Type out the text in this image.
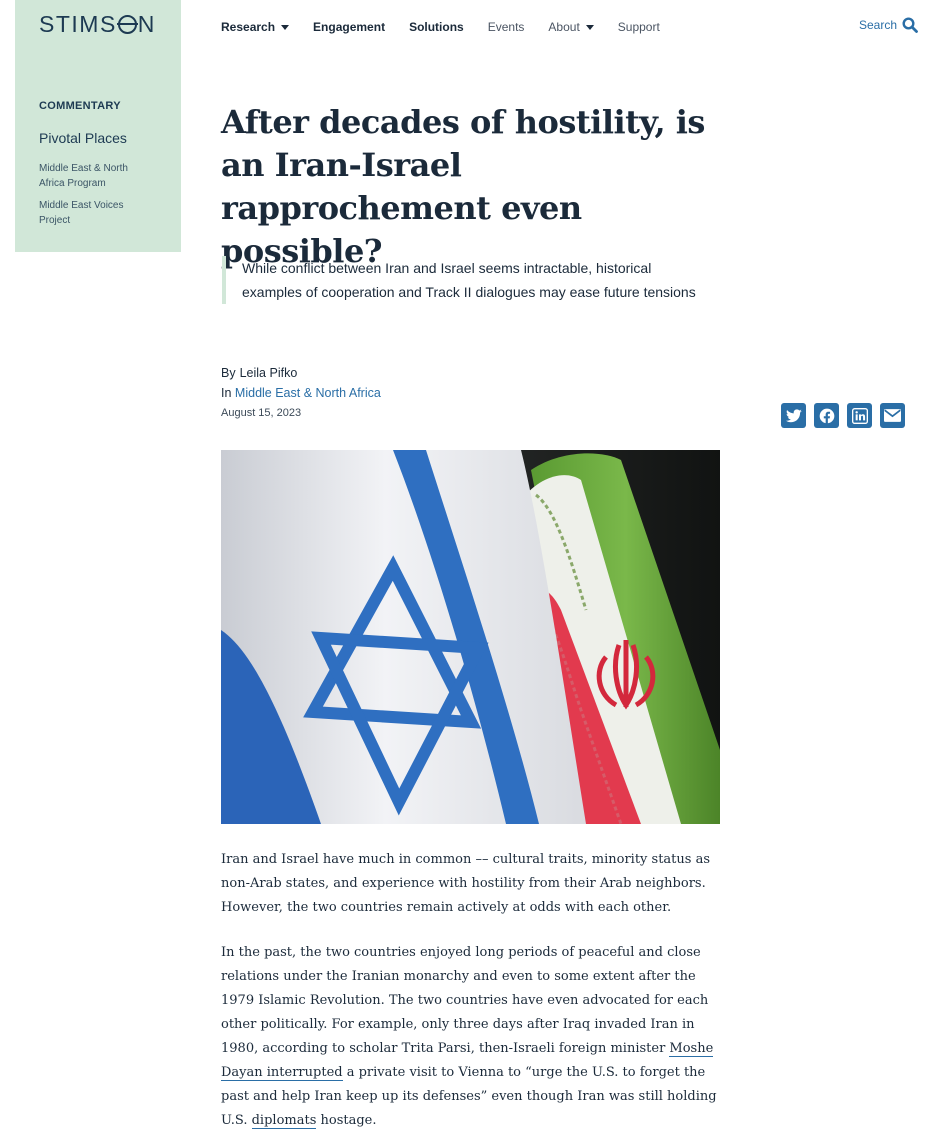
STIMS N
COMMENTARY
Pivotal Places
Middle East & North Africa Program
Middle East Voices Project
Research	Engagement Solutions Events About	Support	Search
After decades of hostility, is an Iran-Israel rapprochement even possible?
While conflict between Iran and Israel seems intractable, historical examples of cooperation and Track II dialogues may ease future tensions
By Leila Pifko
In Middle East & North Africa
August 15, 2023

Iran and Israel have much in common –– cultural traits, minority status as non-Arab states, and experience with hostility from their Arab neighbors. However, the two countries remain actively at odds with each other.

In the past, the two countries enjoyed long periods of peaceful and close relations under the Iranian monarchy and even to some extent after the 1979 Islamic Revolution. The two countries have even advocated for each other politically. For example, only three days after Iraq invaded Iran in 1980, according to scholar Trita Parsi, then-Israeli foreign minister Moshe Dayan interrupted a private visit to Vienna to “urge the U.S. to forget the past and help Iran keep up its defenses” even though Iran was still holding U.S. diplomats hostage.
